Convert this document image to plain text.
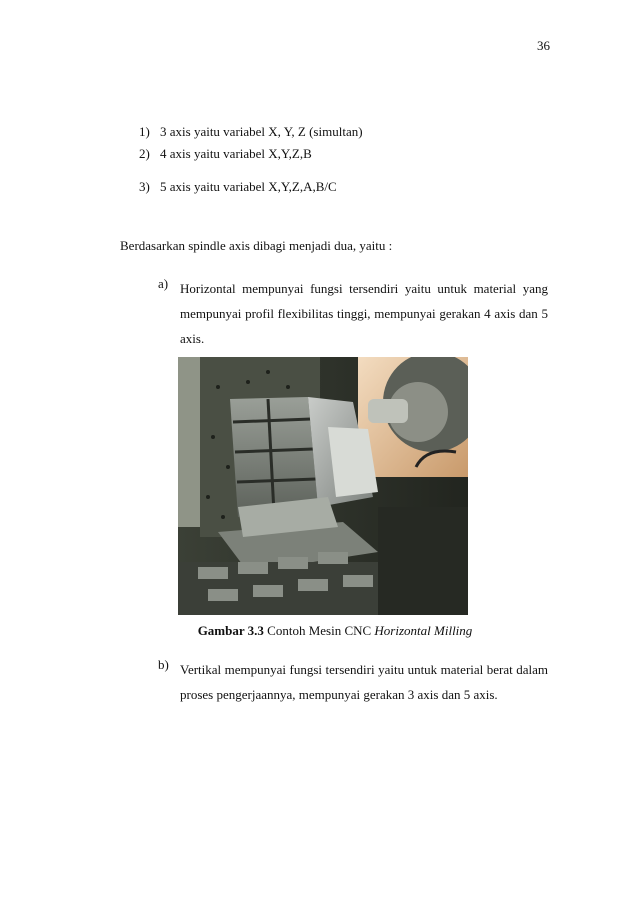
36
1) 3 axis yaitu variabel X, Y, Z (simultan)
2) 4 axis yaitu variabel X,Y,Z,B
3) 5 axis yaitu variabel X,Y,Z,A,B/C
Berdasarkan spindle axis dibagi menjadi dua, yaitu :
a) Horizontal mempunyai fungsi tersendiri yaitu untuk material yang mempunyai profil flexibilitas tinggi, mempunyai gerakan 4 axis dan 5 axis.
Gambar 3.3 Contoh Mesin CNC Horizontal Milling
b) Vertikal mempunyai fungsi tersendiri yaitu untuk material berat dalam proses pengerjaannya, mempunyai gerakan 3 axis dan 5 axis.
